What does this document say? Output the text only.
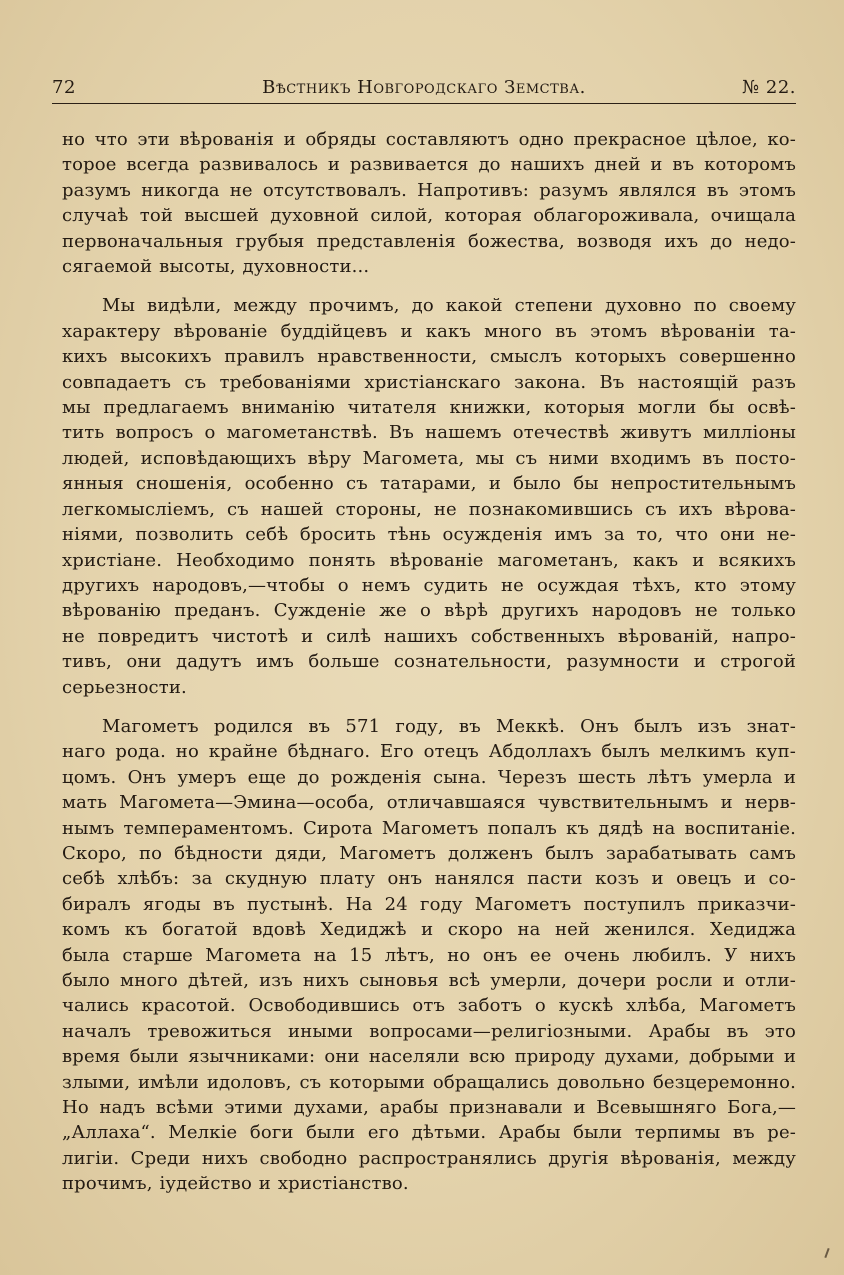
72	Вѣстникъ Новгородскаго Земства.	№ 22.

но что эти вѣрованія и обряды составляютъ одно прекрасное цѣлое, ко-
торое всегда развивалось и развивается до нашихъ дней и въ которомъ
разумъ никогда не отсутствовалъ. Напротивъ: разумъ являлся въ этомъ
случаѣ той высшей духовной силой, которая облагороживала, очищала
первоначальныя грубыя представленія божества, возводя ихъ до недо-
сягаемой высоты, духовности...

Мы видѣли, между прочимъ, до какой степени духовно по своему
характеру вѣрованіе буддійцевъ и какъ много въ этомъ вѣрованіи та-
кихъ высокихъ правилъ нравственности, смыслъ которыхъ совершенно
совпадаетъ съ требованіями христіанскаго закона. Въ настоящій разъ
мы предлагаемъ вниманію читателя книжки, которыя могли бы освѣ-
тить вопросъ о магометанствѣ. Въ нашемъ отечествѣ живутъ милліоны
людей, исповѣдающихъ вѣру Магомета, мы съ ними входимъ въ посто-
янныя сношенія, особенно съ татарами, и было бы непростительнымъ
легкомысліемъ, съ нашей стороны, не познакомившись съ ихъ вѣрова-
ніями, позволить себѣ бросить тѣнь осужденія имъ за то, что они не-
христіане. Необходимо понять вѣрованіе магометанъ, какъ и всякихъ
другихъ народовъ,—чтобы о немъ судить не осуждая тѣхъ, кто этому
вѣрованію преданъ. Сужденіе же о вѣрѣ другихъ народовъ не только
не повредитъ чистотѣ и силѣ нашихъ собственныхъ вѣрованій, напро-
тивъ, они дадутъ имъ больше сознательности, разумности и строгой
серьезности.

Магометъ родился въ 571 году, въ Меккѣ. Онъ былъ изъ знат-
наго рода. но крайне бѣднаго. Его отецъ Абдоллахъ былъ мелкимъ куп-
цомъ. Онъ умеръ еще до рожденія сына. Черезъ шесть лѣтъ умерла и
мать Магомета—Эмина—особа, отличавшаяся чувствительнымъ и нерв-
нымъ темпераментомъ. Сирота Магометъ попалъ къ дядѣ на воспитаніе.
Скоро, по бѣдности дяди, Магометъ долженъ былъ зарабатывать самъ
себѣ хлѣбъ: за скудную плату онъ нанялся пасти козъ и овецъ и со-
биралъ ягоды въ пустынѣ. На 24 году Магометъ поступилъ приказчи-
комъ къ богатой вдовѣ Хедиджѣ и скоро на ней женился. Хедиджа
была старше Магомета на 15 лѣтъ, но онъ ее очень любилъ. У нихъ
было много дѣтей, изъ нихъ сыновья всѣ умерли, дочери росли и отли-
чались красотой. Освободившись отъ заботъ о кускѣ хлѣба, Магометъ
началъ тревожиться иными вопросами—религіозными. Арабы въ это
время были язычниками: они населяли всю природу духами, добрыми и
злыми, имѣли идоловъ, съ которыми обращались довольно безцеремонно.
Но надъ всѣми этими духами, арабы признавали и Всевышняго Бога,—
„Аллаха“. Мелкіе боги были его дѣтьми. Арабы были терпимы въ ре-
лигіи. Среди нихъ свободно распространялись другія вѣрованія, между
прочимъ, іудейство и христіанство.
